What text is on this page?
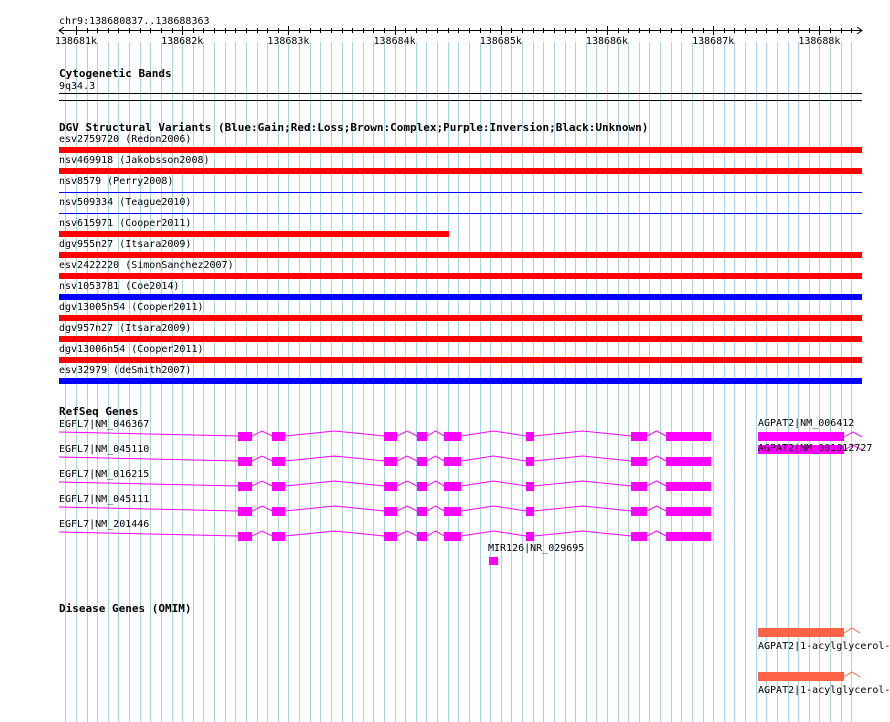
chr9:138680837..138688363
138681k	138682k	138683k	138684k	138685k	138686k	138687k	138688k
Cytogenetic Bands
9q34.3
DGV Structural Variants (Blue:Gain;Red:Loss;Brown:Complex;Purple:Inversion;Black:Unknown)
esv2759720 (Redon2006)
nsv469918 (Jakobsson2008)
nsv8579 (Perry2008)
nsv509334 (Teague2010)
nsv615971 (Cooper2011)
dgv955n27 (Itsara2009)
esv2422220 (SimonSanchez2007)
nsv1053781 (Coe2014)
dgv13005n54 (Cooper2011)
dgv957n27 (Itsara2009)
dgv13006n54 (Cooper2011)
esv32979 (deSmith2007)
RefSeq Genes
EGFL7|NM_046367
EGFL7|NM_045110
EGFL7|NM_016215
EGFL7|NM_045111
EGFL7|NM_201446
AGPAT2|NM_006412
AGPAT2|NM_001012727
MIR126|NR_029695
Disease Genes (OMIM)
AGPAT2|1-acylglycerol-
AGPAT2|1-acylglycerol-
